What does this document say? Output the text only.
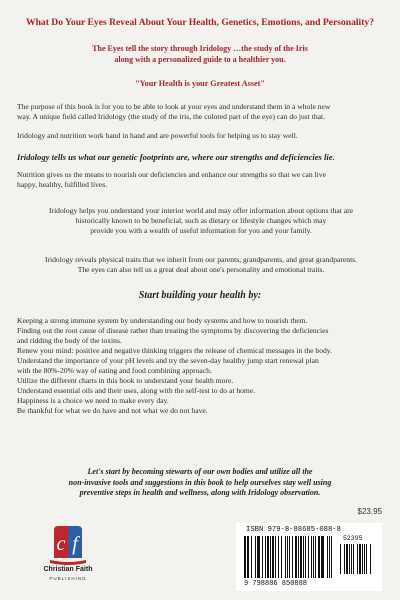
What Do Your Eyes Reveal About Your Health, Genetics, Emotions, and Personality?
The Eyes tell the story through Iridology …the study of the Iris
along with a personalized guide to a healthier you.
"Your Health is your Greatest Asset"
The purpose of this book is for you to be able to look at your eyes and understand them in a whole new
way. A unique field called Iridology (the study of the iris, the colored part of the eye) can do just that.
Iridology and nutrition work hand in hand and are powerful tools for helping us to stay well.
Iridology tells us what our genetic footprints are, where our strengths and deficiencies lie.
Nutrition gives us the means to nourish our deficiencies and enhance our strengths so that we can live
happy, healthy, fulfilled lives.
Iridology helps you understand your interior world and may offer information about options that are
historically known to be beneficial, such as dietary or lifestyle changes which may
provide you with a wealth of useful information for you and your family.
Iridology reveals physical traits that we inherit from our parents, grandparents, and great grandparents.
The eyes can also tell us a great deal about one's personality and emotional traits.
Start building your health by:
Keeping a strong immune system by understanding our body systems and how to nourish them.
Finding out the root cause of disease rather than treating the symptoms by discovering the deficiencies
and ridding the body of the toxins.
Renew your mind: positive and negative thinking triggers the release of chemical messages in the body.
Understand the importance of your pH levels and try the seven-day healthy jump start renewal plan
with the 80%-20% way of eating and food combining approach.
Utilize the different charts in this book to understand your health more.
Understand essential oils and their uses, along with the self-test to do at home.
Happiness is a choice we need to make every day.
Be thankful for what we do have and not what we do not have.
Let's start by becoming stewarts of our own bodies and utilize all the
non-invasive tools and suggestions in this book to help ourselves stay well using
preventive steps in health and wellness, along with Iridology observation.
c f
Christian Faith
PUBLISHING
$23.95
ISBN 979-8-88685-088-8
52395
9 798886 850888
